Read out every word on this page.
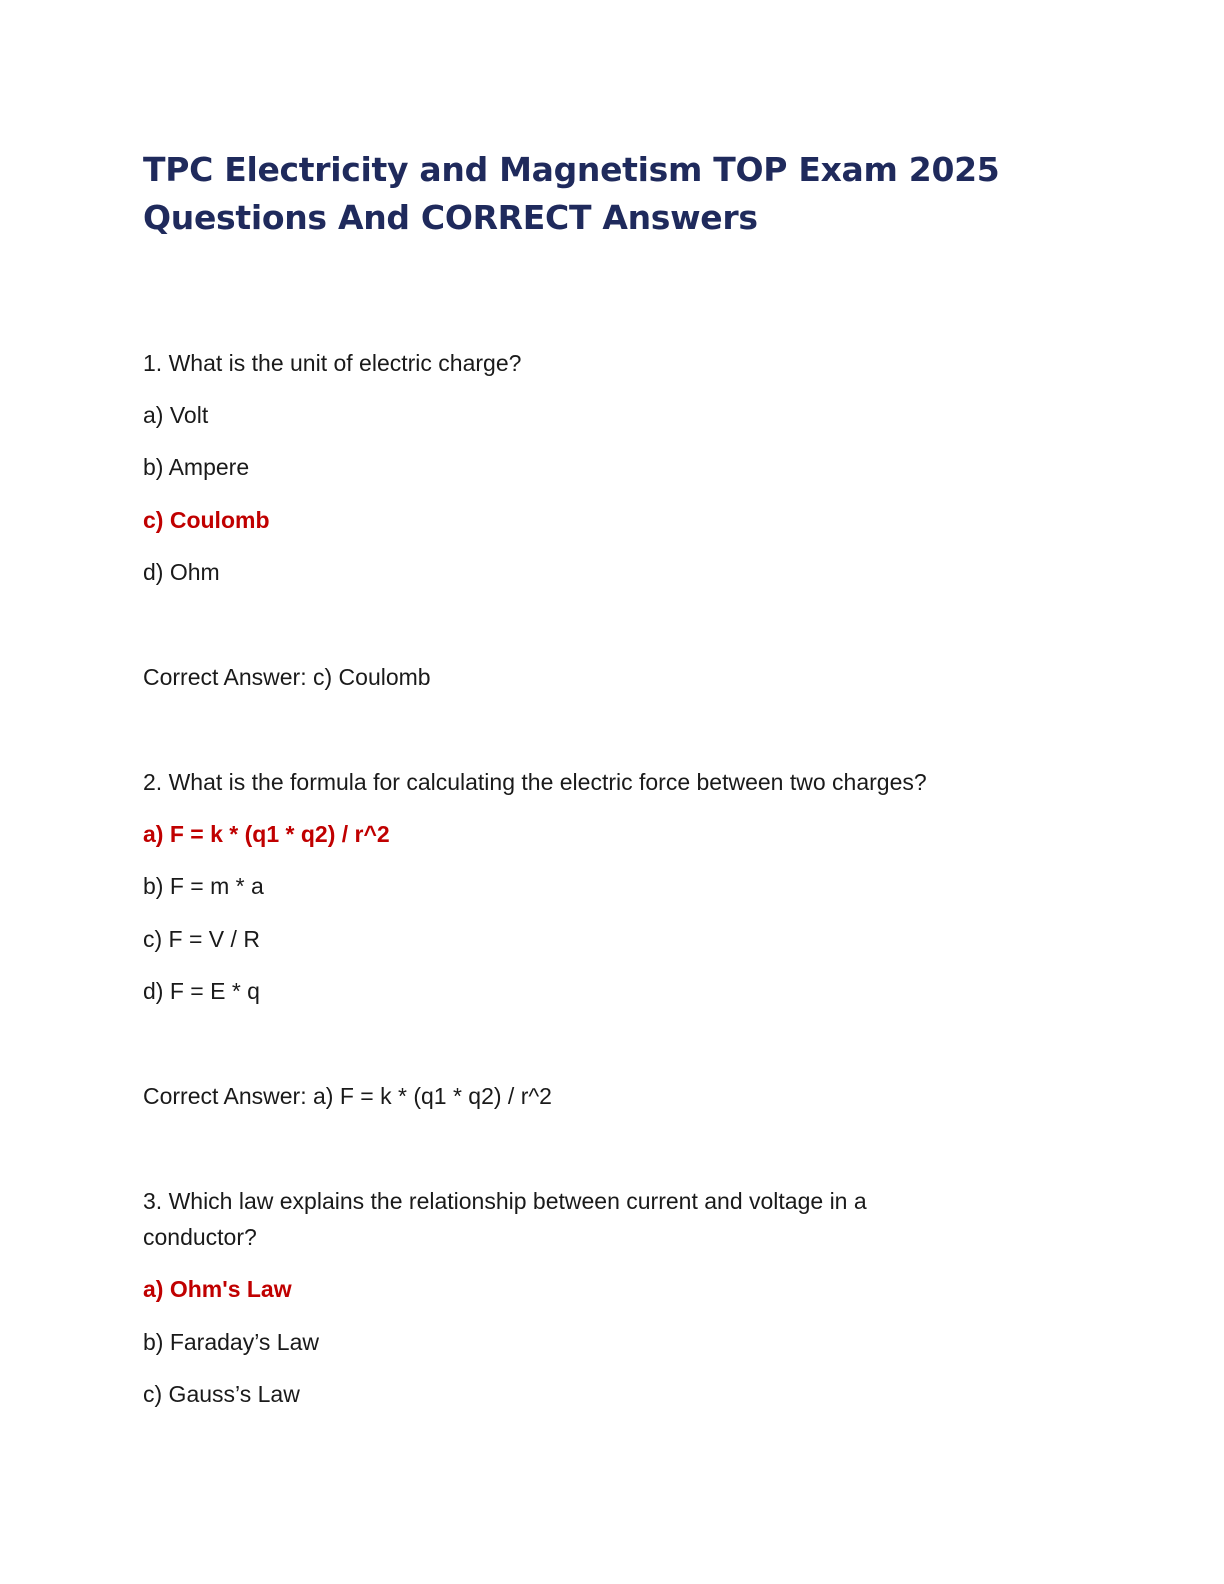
TPC Electricity and Magnetism TOP Exam 2025
Questions And CORRECT Answers

1. What is the unit of electric charge?

a) Volt

b) Ampere

c) Coulomb

d) Ohm

Correct Answer: c) Coulomb

2. What is the formula for calculating the electric force between two charges?

a) F = k * (q1 * q2) / r^2

b) F = m * a

c) F = V / R

d) F = E * q

Correct Answer: a) F = k * (q1 * q2) / r^2

3. Which law explains the relationship between current and voltage in a

conductor?

a) Ohm's Law

b) Faraday’s Law

c) Gauss’s Law
